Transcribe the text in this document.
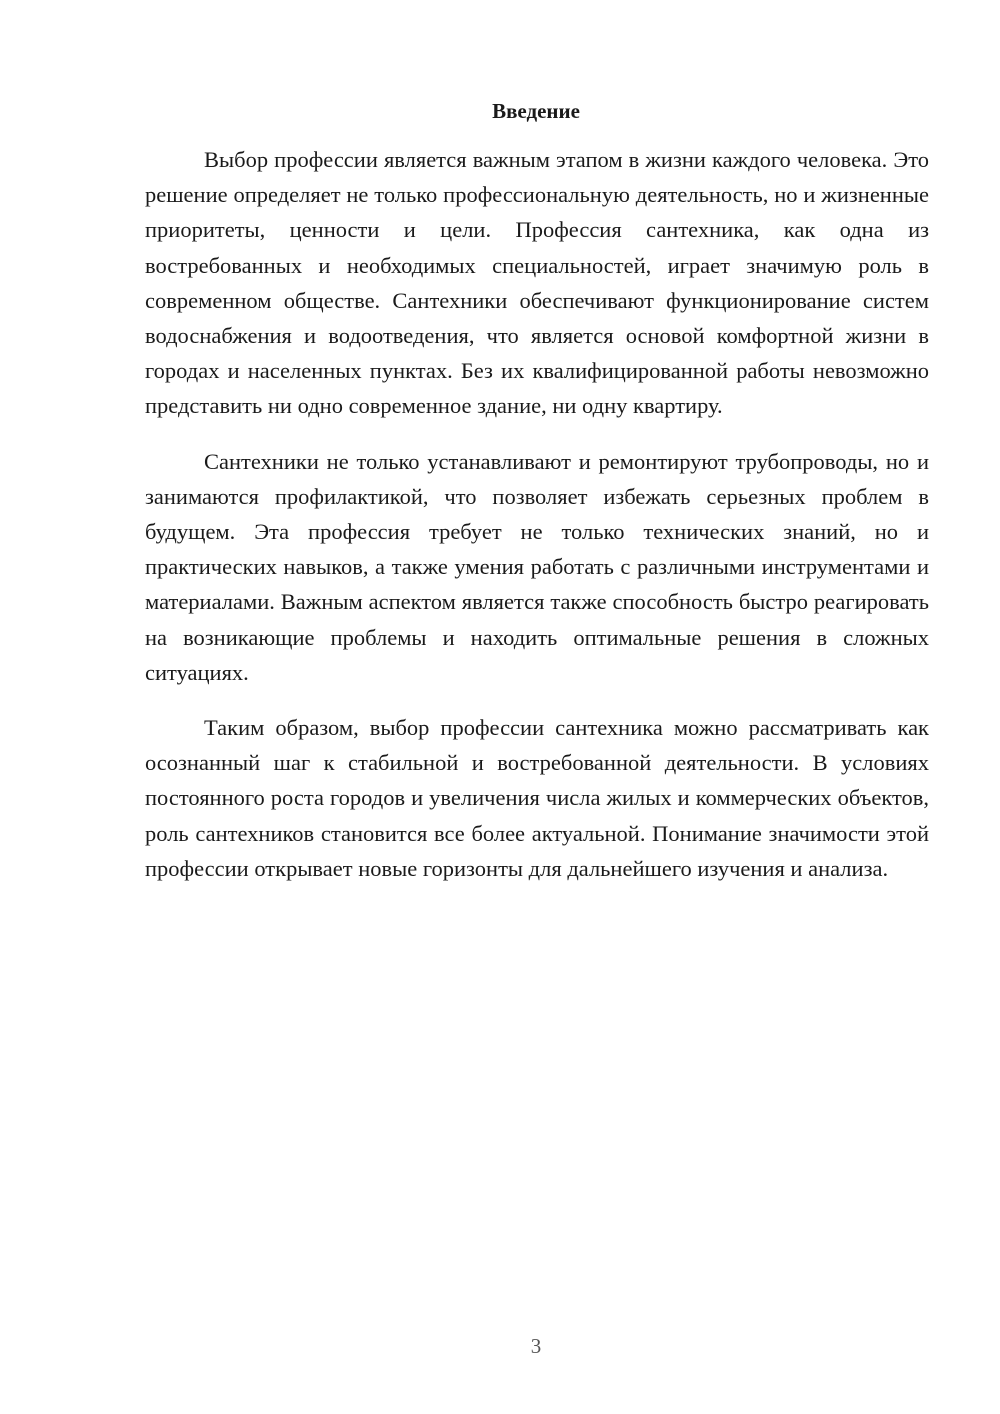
Введение

Выбор профессии является важным этапом в жизни каждого человека. Это решение определяет не только профессиональную деятельность, но и жизненные приоритеты, ценности и цели. Профессия сантехника, как одна из востребованных и необходимых специальностей, играет значимую роль в современном обществе. Сантехники обеспечивают функционирование систем водоснабжения и водоотведения, что является основой комфортной жизни в городах и населенных пунктах. Без их квалифицированной работы невозможно представить ни одно современное здание, ни одну квартиру.

Сантехники не только устанавливают и ремонтируют трубопроводы, но и занимаются профилактикой, что позволяет избежать серьезных проблем в будущем. Эта профессия требует не только технических знаний, но и практических навыков, а также умения работать с различными инструментами и материалами. Важным аспектом является также способность быстро реагировать на возникающие проблемы и находить оптимальные решения в сложных ситуациях.

Таким образом, выбор профессии сантехника можно рассматривать как осознанный шаг к стабильной и востребованной деятельности. В условиях постоянного роста городов и увеличения числа жилых и коммерческих объектов, роль сантехников становится все более актуальной. Понимание значимости этой профессии открывает новые горизонты для дальнейшего изучения и анализа.

3
